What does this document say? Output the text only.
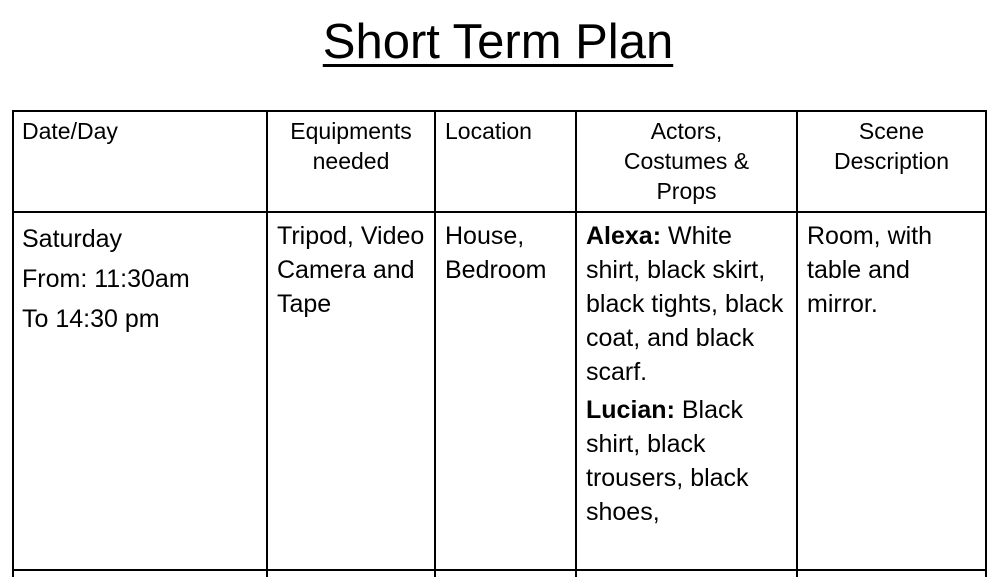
Short Term Plan
Date/Day	Equipments
needed
Location	Actors,
Costumes &
Props
Scene
Description
Saturday
From: 11:30am
To 14:30 pm
Tripod, Video Camera and Tape
House, Bedroom

Alexa: White shirt, black skirt, black tights, black coat, and black scarf.

Lucian: Black shirt, black trousers, black shoes,

Room, with table and mirror.
